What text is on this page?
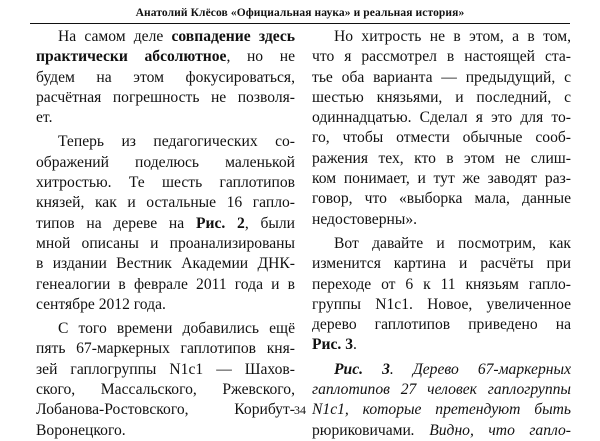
Анатолий Клёсов «Официальная наука» и реальная история»
На самом деле совпадение здесь
практически абсолютное, но не
будем на этом фокусироваться,
расчётная погрешность не позволя-
ет.
Теперь из педагогических со-
ображений поделюсь маленькой
хитростью. Те шесть гаплотипов
князей, как и остальные 16 гапло-
типов на дереве на Рис. 2, были
мной описаны и проанализированы
в издании Вестник Академии ДНК-
генеалогии в феврале 2011 года и в
сентябре 2012 года.
С того времени добавились ещё
пять 67-маркерных гаплотипов кня-
зей гаплогруппы N1c1 — Шахов-
ского, Массальского, Ржевского,
Лобанова-Ростовского, Корибут-
Воронецкого.
Но хитрость не в этом, а в том,
что я рассмотрел в настоящей ста-
тье оба варианта — предыдущий, с
шестью князьями, и последний, с
одиннадцатью. Сделал я это для то-
го, чтобы отмести обычные сооб-
ражения тех, кто в этом не слиш-
ком понимает, и тут же заводят раз-
говор, что «выборка мала, данные
недостоверны».
Вот давайте и посмотрим, как
изменится картина и расчёты при
переходе от 6 к 11 князьям гапло-
группы N1c1. Новое, увеличенное
дерево гаплотипов приведено на
Рис. 3.
Рис. 3. Дерево 67-маркерных
гаплотипов 27 человек гаплогруппы
N1c1, которые претендуют быть
рюриковичами. Видно, что гапло-
34
